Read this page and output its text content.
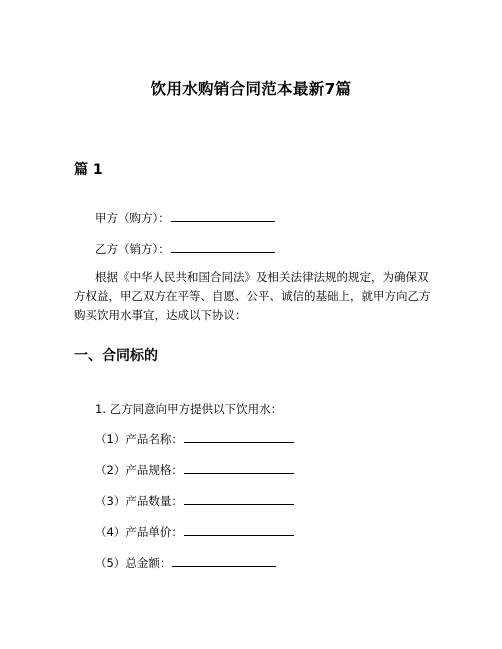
饮用水购销合同范本最新7篇
篇 1
甲方（购方）：
乙方（销方）：
根据《中华人民共和国合同法》及相关法律法规的规定，为确保双方权益，甲乙双方在平等、自愿、公平、诚信的基础上，就甲方向乙方购买饮用水事宜，达成以下协议：
一、合同标的
1. 乙方同意向甲方提供以下饮用水：
（1）产品名称：
（2）产品规格：
（3）产品数量：
（4）产品单价：
（5）总金额：
